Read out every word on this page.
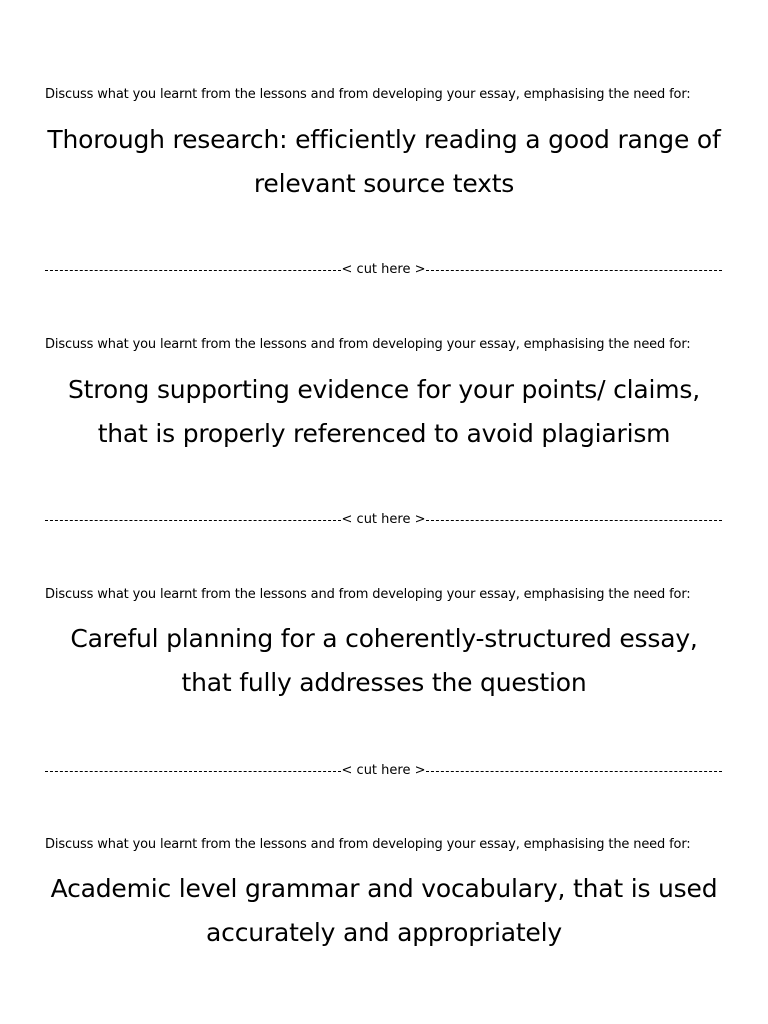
Discuss what you learnt from the lessons and from developing your essay, emphasising the need for:
Thorough research: efficiently reading a good range of
relevant source texts
< cut here >
Discuss what you learnt from the lessons and from developing your essay, emphasising the need for:
Strong supporting evidence for your points/ claims,
that is properly referenced to avoid plagiarism
< cut here >
Discuss what you learnt from the lessons and from developing your essay, emphasising the need for:
Careful planning for a coherently-structured essay,
that fully addresses the question
< cut here >
Discuss what you learnt from the lessons and from developing your essay, emphasising the need for:
Academic level grammar and vocabulary, that is used
accurately and appropriately
